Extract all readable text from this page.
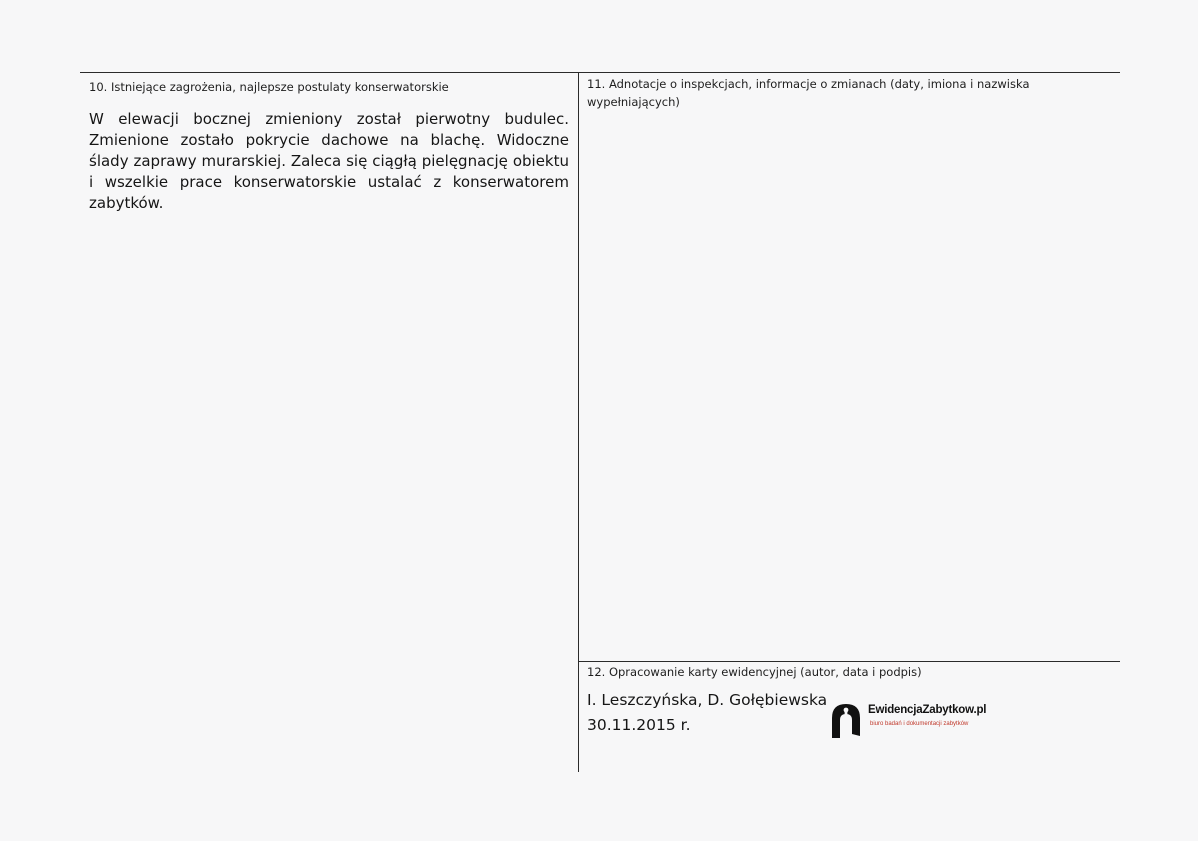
10. Istniejące zagrożenia, najlepsze postulaty konserwatorskie
W elewacji bocznej zmieniony został pierwotny budulec. Zmienione zostało pokrycie dachowe na blachę. Widoczne ślady zaprawy murarskiej. Zaleca się ciągłą pielęgnację obiektu i wszelkie prace konserwatorskie ustalać z konserwatorem zabytków.
11. Adnotacje o inspekcjach, informacje o zmianach (daty, imiona i nazwiska
wypełniających)
12. Opracowanie karty ewidencyjnej (autor, data i podpis)
I. Leszczyńska, D. Gołębiewska
30.11.2015 r.
EwidencjaZabytkow.pl
biuro badań i dokumentacji zabytków
